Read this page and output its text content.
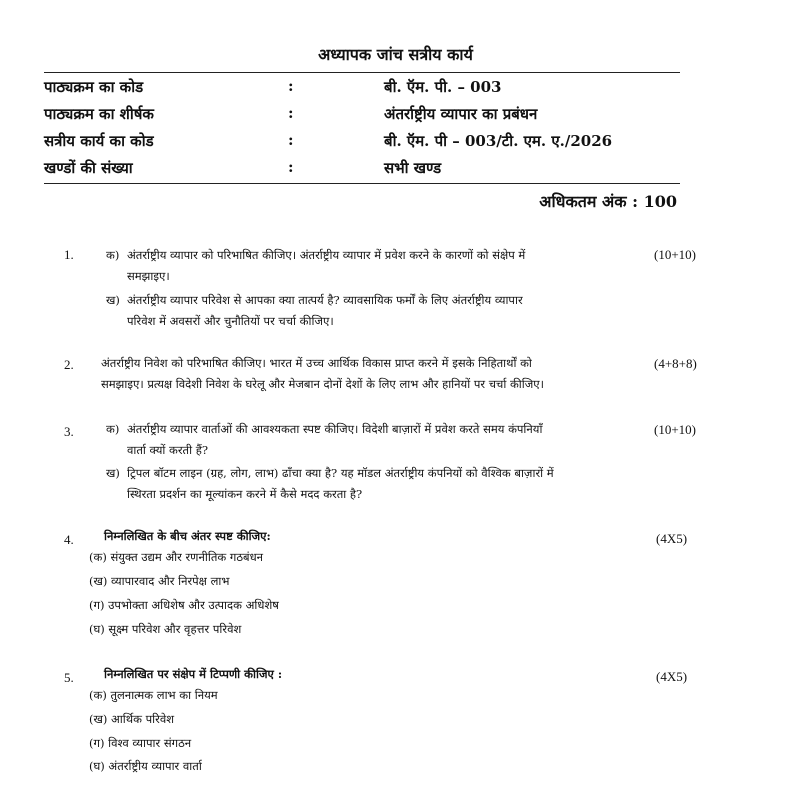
अध्यापक जांच सत्रीय कार्य
पाठ्यक्रम का कोड	:	बी. ऍम. पी. – 003
पाठ्यक्रम का शीर्षक	:	अंतर्राष्ट्रीय व्यापार का प्रबंधन
सत्रीय कार्य का कोड	:	बी. ऍम. पी – 003/टी. एम. ए./2026
खण्डों की संख्या	:	सभी खण्ड
अधिकतम अंक : 100
1.	क) अंतर्राष्ट्रीय व्यापार को परिभाषित कीजिए। अंतर्राष्ट्रीय व्यापार में प्रवेश करने के कारणों को संक्षेप में
समझाइए।
ख) अंतर्राष्ट्रीय व्यापार परिवेश से आपका क्या तात्पर्य है? व्यावसायिक फर्मों के लिए अंतर्राष्ट्रीय व्यापार
परिवेश में अवसरों और चुनौतियों पर चर्चा कीजिए।
(10+10)
2. अंतर्राष्ट्रीय निवेश को परिभाषित कीजिए। भारत में उच्च आर्थिक विकास प्राप्त करने में इसके निहितार्थों को
समझाइए। प्रत्यक्ष विदेशी निवेश के घरेलू और मेजबान दोनों देशों के लिए लाभ और हानियों पर चर्चा कीजिए।
(4+8+8)
3.	क) अंतर्राष्ट्रीय व्यापार वार्ताओं की आवश्यकता स्पष्ट कीजिए। विदेशी बाज़ारों में प्रवेश करते समय कंपनियाँ
वार्ता क्यों करती हैं?
ख) ट्रिपल बॉटम लाइन (ग्रह, लोग, लाभ) ढाँचा क्या है? यह मॉडल अंतर्राष्ट्रीय कंपनियों को वैश्विक बाज़ारों में
स्थिरता प्रदर्शन का मूल्यांकन करने में कैसे मदद करता है?
(10+10)
4.	निम्नलिखित के बीच अंतर स्पष्ट कीजिए:
(क) संयुक्त उद्यम और रणनीतिक गठबंधन
(ख) व्यापारवाद और निरपेक्ष लाभ
(ग) उपभोक्ता अधिशेष और उत्पादक अधिशेष
(घ) सूक्ष्म परिवेश और वृहत्तर परिवेश
(4X5)
5.	निम्नलिखित पर संक्षेप में टिप्पणी कीजिए :
(क) तुलनात्मक लाभ का नियम
(ख) आर्थिक परिवेश
(ग) विश्व व्यापार संगठन
(घ) अंतर्राष्ट्रीय व्यापार वार्ता
(4X5)
